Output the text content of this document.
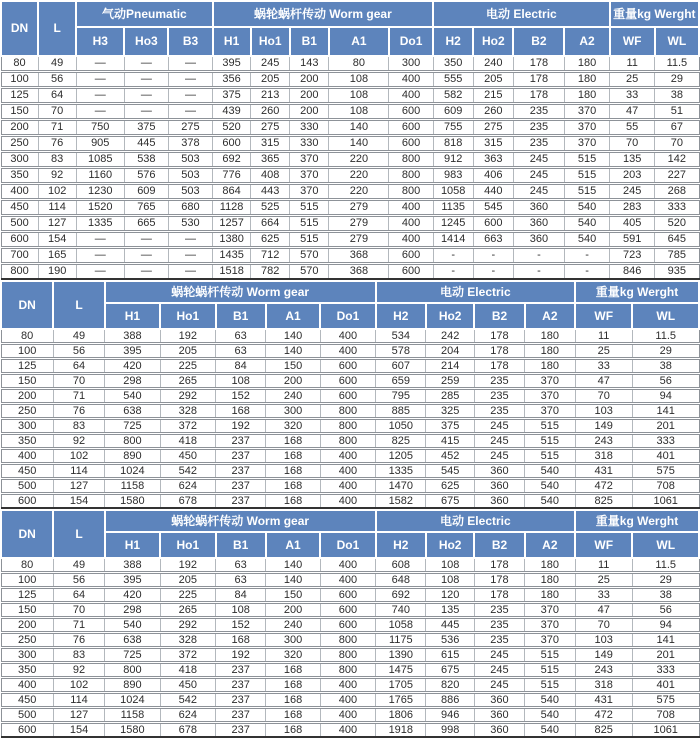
DN	L	气动Pneumatic			蜗轮蜗杆传动 Worm gear					电动 Electric				重量kg Werght	
		H3	Ho3	B3	H1	Ho1	B1	A1	Do1	H2	Ho2	B2	A2	WF	WL
80	49	—	—	—	395	245	143	80	300	350	240	178	180	11	11.5
100	56	—	—	—	356	205	200	108	400	555	205	178	180	25	29
125	64	—	—	—	375	213	200	108	400	582	215	178	180	33	38
150	70	—	—	—	439	260	200	108	600	609	260	235	370	47	51
200	71	750	375	275	520	275	330	140	600	755	275	235	370	55	67
250	76	905	445	378	600	315	330	140	600	818	315	235	370	70	70
300	83	1085	538	503	692	365	370	220	800	912	363	245	515	135	142
350	92	1160	576	503	776	408	370	220	800	983	406	245	515	203	227
400	102	1230	609	503	864	443	370	220	800	1058	440	245	515	245	268
450	114	1520	765	680	1128	525	515	279	400	1135	545	360	540	283	333
500	127	1335	665	530	1257	664	515	279	400	1245	600	360	540	405	520
600	154	—	—	—	1380	625	515	279	400	1414	663	360	540	591	645
700	165	—	—	—	1435	712	570	368	600	-	-	-	-	723	785
800	190	—	—	—	1518	782	570	368	600	-	-	-	-	846	935
DN	L	蜗轮蜗杆传动 Worm gear					电动 Electric				重量kg Werght	
		H1	Ho1	B1	A1	Do1	H2	Ho2	B2	A2	WF	WL
80	49	388	192	63	140	400	534	242	178	180	11	11.5
100	56	395	205	63	140	400	578	204	178	180	25	29
125	64	420	225	84	150	600	607	214	178	180	33	38
150	70	298	265	108	200	600	659	259	235	370	47	56
200	71	540	292	152	240	600	795	285	235	370	70	94
250	76	638	328	168	300	800	885	325	235	370	103	141
300	83	725	372	192	320	800	1050	375	245	515	149	201
350	92	800	418	237	168	800	825	415	245	515	243	333
400	102	890	450	237	168	400	1205	452	245	515	318	401
450	114	1024	542	237	168	400	1335	545	360	540	431	575
500	127	1158	624	237	168	400	1470	625	360	540	472	708
600	154	1580	678	237	168	400	1582	675	360	540	825	1061
DN	L	蜗轮蜗杆传动 Worm gear					电动 Electric				重量kg Werght	
		H1	Ho1	B1	A1	Do1	H2	Ho2	B2	A2	WF	WL
80	49	388	192	63	140	400	608	108	178	180	11	11.5
100	56	395	205	63	140	400	648	108	178	180	25	29
125	64	420	225	84	150	600	692	120	178	180	33	38
150	70	298	265	108	200	600	740	135	235	370	47	56
200	71	540	292	152	240	600	1058	445	235	370	70	94
250	76	638	328	168	300	800	1175	536	235	370	103	141
300	83	725	372	192	320	800	1390	615	245	515	149	201
350	92	800	418	237	168	800	1475	675	245	515	243	333
400	102	890	450	237	168	400	1705	820	245	515	318	401
450	114	1024	542	237	168	400	1765	886	360	540	431	575
500	127	1158	624	237	168	400	1806	946	360	540	472	708
600	154	1580	678	237	168	400	1918	998	360	540	825	1061
